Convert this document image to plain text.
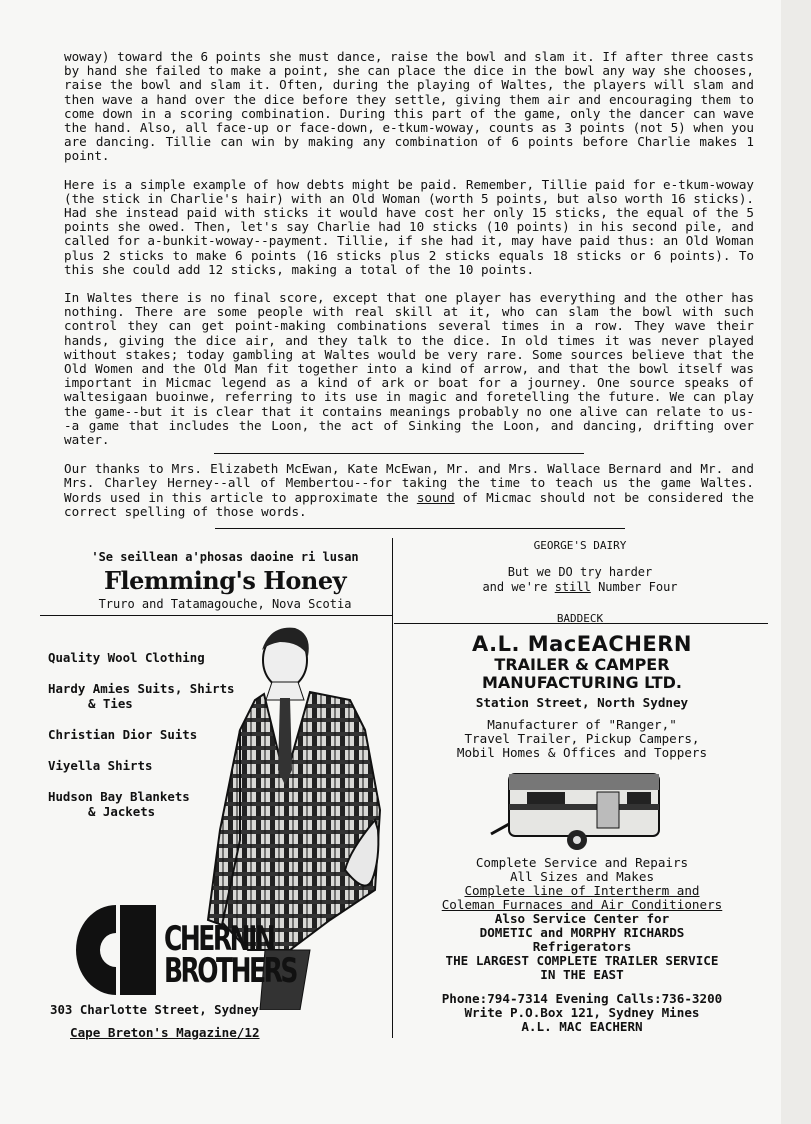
woway) toward the 6 points she must dance, raise the bowl and slam it. If after three casts by hand she failed to make a point, she can place the dice in the bowl any way she chooses, raise the bowl and slam it. Often, during the playing of Waltes, the players will slam and then wave a hand over the dice before they settle, giving them air and encouraging them to come down in a scoring combination. During this part of the game, only the dancer can wave the hand. Also, all face-up or face-down, e-tkum-woway, counts as 3 points (not 5) when you are dancing. Tillie can win by making any combination of 6 points before Charlie makes 1 point.

Here is a simple example of how debts might be paid. Remember, Tillie paid for e-tkum-woway (the stick in Charlie's hair) with an Old Woman (worth 5 points, but also worth 16 sticks). Had she instead paid with sticks it would have cost her only 15 sticks, the equal of the 5 points she owed. Then, let's say Charlie had 10 sticks (10 points) in his second pile, and called for a-bunkit-woway--payment. Tillie, if she had it, may have paid thus: an Old Woman plus 2 sticks to make 6 points (16 sticks plus 2 sticks equals 18 sticks or 6 points). To this she could add 12 sticks, making a total of the 10 points.

In Waltes there is no final score, except that one player has everything and the other has nothing. There are some people with real skill at it, who can slam the bowl with such control they can get point-making combinations several times in a row. They wave their hands, giving the dice air, and they talk to the dice. In old times it was never played without stakes; today gambling at Waltes would be very rare. Some sources believe that the Old Women and the Old Man fit together into a kind of arrow, and that the bowl itself was important in Micmac legend as a kind of ark or boat for a journey. One source speaks of waltesigaan buoinwe, referring to its use in magic and foretelling the future. We can play the game--but it is clear that it contains meanings probably no one alive can relate to us--a game that includes the Loon, the act of Sinking the Loon, and dancing, drifting over water.

Our thanks to Mrs. Elizabeth McEwan, Kate McEwan, Mr. and Mrs. Wallace Bernard and Mr. and Mrs. Charley Herney--all of Membertou--for taking the time to teach us the game Waltes. Words used in this article to approximate the sound of Micmac should not be considered the correct spelling of those words.

'Se seillean a'phosas daoine ri lusan
Flemming's Honey
Truro and Tatamagouche, Nova Scotia
GEORGE'S DAIRY
But we DO try harder
and we're still Number Four
BADDECK
Quality Wool Clothing
Hardy Amies Suits, Shirts
& Ties
Christian Dior Suits
Viyella Shirts
Hudson Bay Blankets
& Jackets
CHERNIN
BROTHERS
303 Charlotte Street, Sydney
Cape Breton's Magazine/12
A.L. MacEACHERN
TRAILER & CAMPER
MANUFACTURING LTD.
Station Street, North Sydney
Manufacturer of "Ranger,"
Travel Trailer, Pickup Campers,
Mobil Homes & Offices and Toppers
Complete Service and Repairs
All Sizes and Makes
Complete line of Intertherm and
Coleman Furnaces and Air Conditioners
Also Service Center for
DOMETIC and MORPHY RICHARDS
Refrigerators
THE LARGEST COMPLETE TRAILER SERVICE
IN THE EAST
Phone:794-7314 Evening Calls:736-3200
Write P.O.Box 121, Sydney Mines
A.L. MAC EACHERN
